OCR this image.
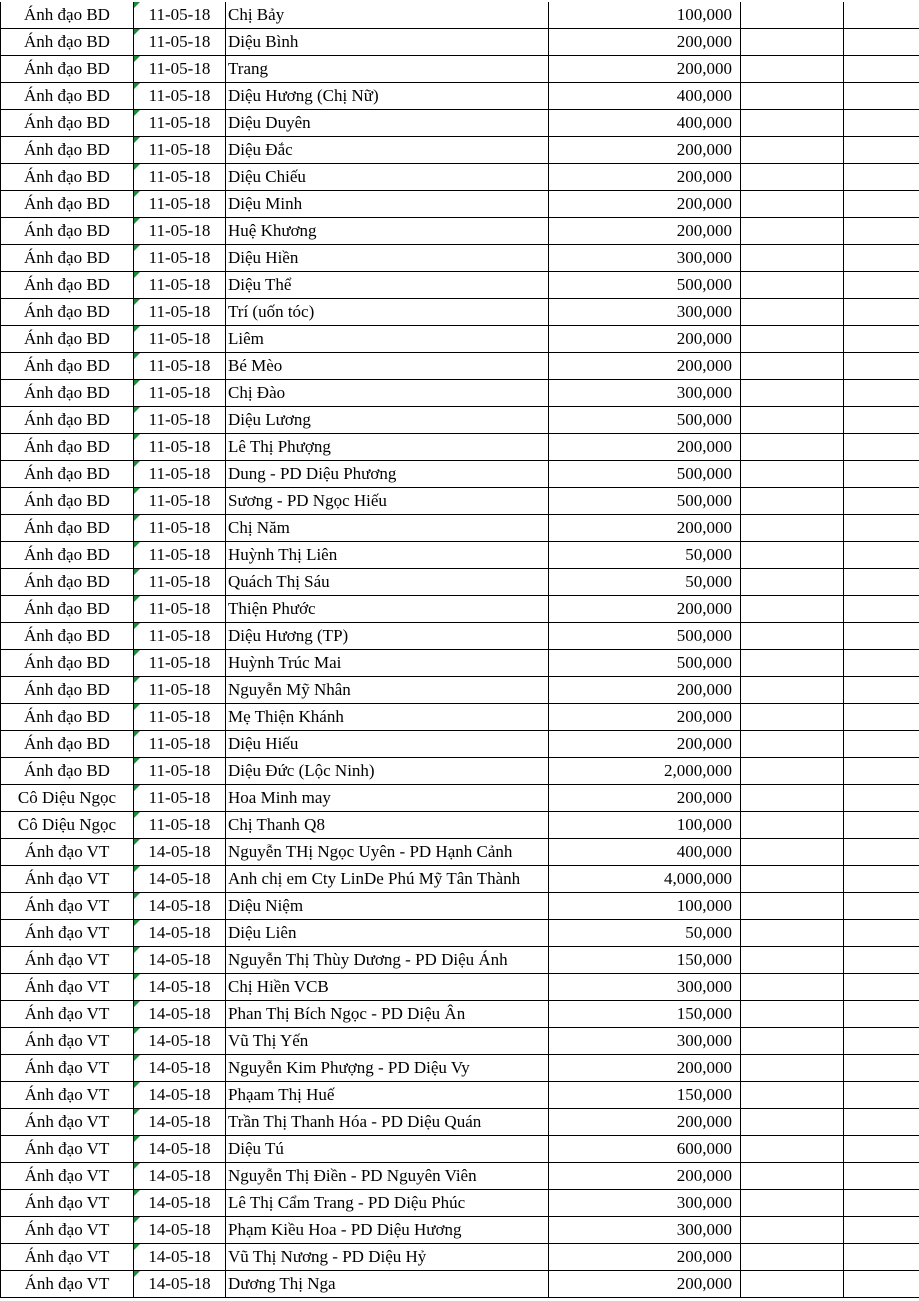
Ánh đạo BD	11-05-18	Chị Bảy	100,000		
Ánh đạo BD	11-05-18	Diệu Bình	200,000		
Ánh đạo BD	11-05-18	Trang	200,000		
Ánh đạo BD	11-05-18	Diệu Hương (Chị Nữ)	400,000		
Ánh đạo BD	11-05-18	Diệu Duyên	400,000		
Ánh đạo BD	11-05-18	Diệu Đắc	200,000		
Ánh đạo BD	11-05-18	Diệu Chiếu	200,000		
Ánh đạo BD	11-05-18	Diệu Minh	200,000		
Ánh đạo BD	11-05-18	Huệ Khương	200,000		
Ánh đạo BD	11-05-18	Diệu Hiền	300,000		
Ánh đạo BD	11-05-18	Diệu Thể	500,000		
Ánh đạo BD	11-05-18	Trí (uốn tóc)	300,000		
Ánh đạo BD	11-05-18	Liêm	200,000		
Ánh đạo BD	11-05-18	Bé Mèo	200,000		
Ánh đạo BD	11-05-18	Chị Đào	300,000		
Ánh đạo BD	11-05-18	Diệu Lương	500,000		
Ánh đạo BD	11-05-18	Lê Thị Phượng	200,000		
Ánh đạo BD	11-05-18	Dung - PD Diệu Phương	500,000		
Ánh đạo BD	11-05-18	Sương - PD Ngọc Hiếu	500,000		
Ánh đạo BD	11-05-18	Chị Năm	200,000		
Ánh đạo BD	11-05-18	Huỳnh Thị Liên	50,000		
Ánh đạo BD	11-05-18	Quách Thị Sáu	50,000		
Ánh đạo BD	11-05-18	Thiện Phước	200,000		
Ánh đạo BD	11-05-18	Diệu Hương (TP)	500,000		
Ánh đạo BD	11-05-18	Huỳnh Trúc Mai	500,000		
Ánh đạo BD	11-05-18	Nguyễn Mỹ Nhân	200,000		
Ánh đạo BD	11-05-18	Mẹ Thiện Khánh	200,000		
Ánh đạo BD	11-05-18	Diệu Hiếu	200,000		
Ánh đạo BD	11-05-18	Diệu Đức (Lộc Ninh)	2,000,000		
Cô Diệu Ngọc	11-05-18	Hoa Minh may	200,000		
Cô Diệu Ngọc	11-05-18	Chị Thanh Q8	100,000		
Ánh đạo VT	14-05-18	Nguyễn THị Ngọc Uyên - PD Hạnh Cảnh	400,000		
Ánh đạo VT	14-05-18	Anh chị em Cty LinDe Phú Mỹ Tân Thành	4,000,000		
Ánh đạo VT	14-05-18	Diệu Niệm	100,000		
Ánh đạo VT	14-05-18	Diệu Liên	50,000		
Ánh đạo VT	14-05-18	Nguyễn Thị Thùy Dương - PD Diệu Ánh	150,000		
Ánh đạo VT	14-05-18	Chị Hiền VCB	300,000		
Ánh đạo VT	14-05-18	Phan Thị Bích Ngọc - PD Diệu Ân	150,000		
Ánh đạo VT	14-05-18	Vũ Thị Yến	300,000		
Ánh đạo VT	14-05-18	Nguyễn Kim Phượng - PD Diệu Vy	200,000		
Ánh đạo VT	14-05-18	Phạam Thị Huế	150,000		
Ánh đạo VT	14-05-18	Trần Thị Thanh Hóa - PD Diệu Quán	200,000		
Ánh đạo VT	14-05-18	Diệu Tú	600,000		
Ánh đạo VT	14-05-18	Nguyễn Thị Điền - PD Nguyên Viên	200,000		
Ánh đạo VT	14-05-18	Lê Thị Cẩm Trang - PD Diệu Phúc	300,000		
Ánh đạo VT	14-05-18	Phạm Kiều Hoa - PD Diệu Hương	300,000		
Ánh đạo VT	14-05-18	Vũ Thị Nương - PD Diệu Hỷ	200,000		
Ánh đạo VT	14-05-18	Dương Thị Nga	200,000		
